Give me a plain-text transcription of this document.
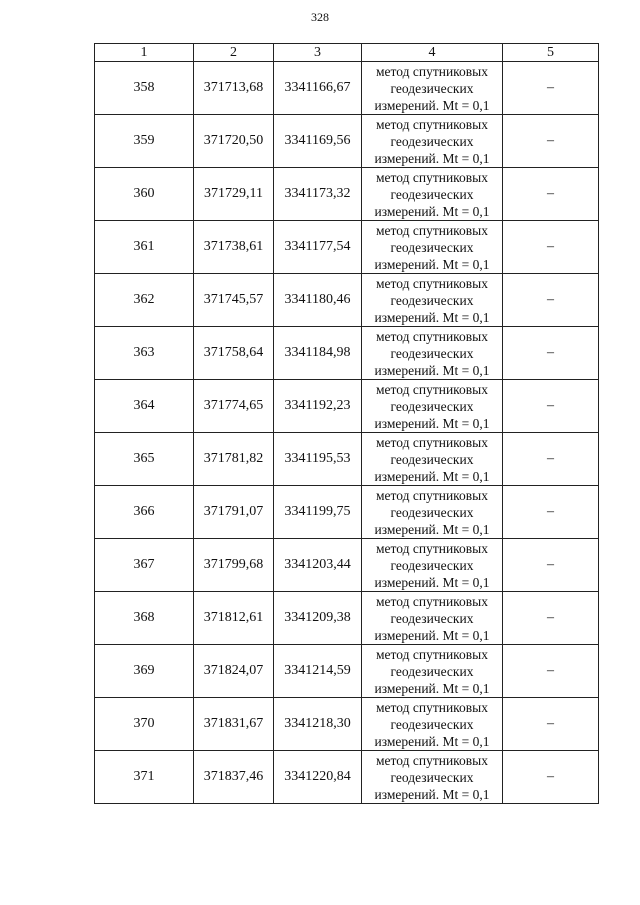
328
1	2	3	4	5
358	371713,68	3341166,67	метод спутниковых
геодезических
измерений. Mt = 0,1	–
359	371720,50	3341169,56	метод спутниковых
геодезических
измерений. Mt = 0,1	–
360	371729,11	3341173,32	метод спутниковых
геодезических
измерений. Mt = 0,1	–
361	371738,61	3341177,54	метод спутниковых
геодезических
измерений. Mt = 0,1	–
362	371745,57	3341180,46	метод спутниковых
геодезических
измерений. Mt = 0,1	–
363	371758,64	3341184,98	метод спутниковых
геодезических
измерений. Mt = 0,1	–
364	371774,65	3341192,23	метод спутниковых
геодезических
измерений. Mt = 0,1	–
365	371781,82	3341195,53	метод спутниковых
геодезических
измерений. Mt = 0,1	–
366	371791,07	3341199,75	метод спутниковых
геодезических
измерений. Mt = 0,1	–
367	371799,68	3341203,44	метод спутниковых
геодезических
измерений. Mt = 0,1	–
368	371812,61	3341209,38	метод спутниковых
геодезических
измерений. Mt = 0,1	–
369	371824,07	3341214,59	метод спутниковых
геодезических
измерений. Mt = 0,1	–
370	371831,67	3341218,30	метод спутниковых
геодезических
измерений. Mt = 0,1	–
371	371837,46	3341220,84	метод спутниковых
геодезических
измерений. Mt = 0,1	–
